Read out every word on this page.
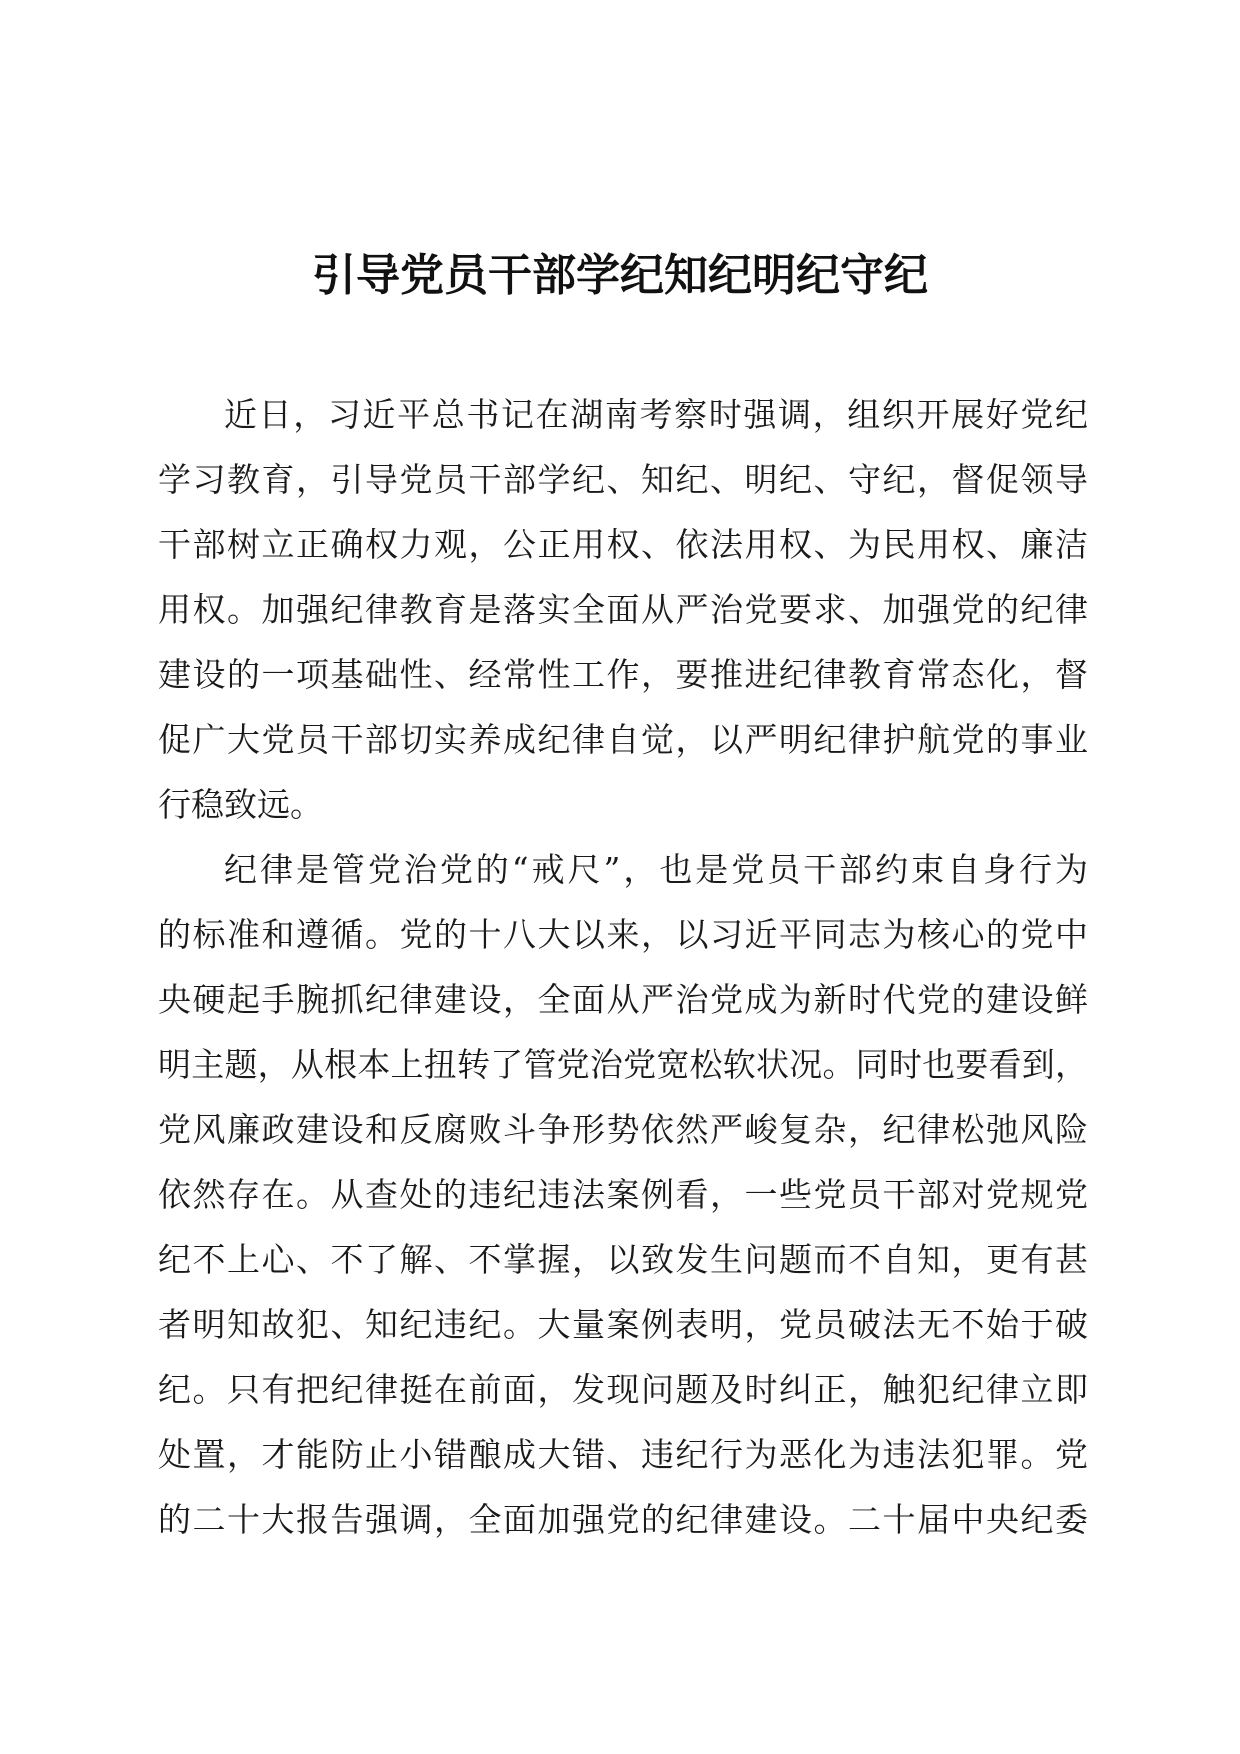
引导党员干部学纪知纪明纪守纪
近日，习近平总书记在湖南考察时强调，组织开展好党纪
学习教育，引导党员干部学纪、知纪、明纪、守纪，督促领导
干部树立正确权力观，公正用权、依法用权、为民用权、廉洁
用权。加强纪律教育是落实全面从严治党要求、加强党的纪律
建设的一项基础性、经常性工作，要推进纪律教育常态化，督
促广大党员干部切实养成纪律自觉，以严明纪律护航党的事业
行稳致远。
纪律是管党治党的“戒尺”，也是党员干部约束自身行为
的标准和遵循。党的十八大以来，以习近平同志为核心的党中
央硬起手腕抓纪律建设，全面从严治党成为新时代党的建设鲜
明主题，从根本上扭转了管党治党宽松软状况。同时也要看到，
党风廉政建设和反腐败斗争形势依然严峻复杂，纪律松弛风险
依然存在。从查处的违纪违法案例看，一些党员干部对党规党
纪不上心、不了解、不掌握，以致发生问题而不自知，更有甚
者明知故犯、知纪违纪。大量案例表明，党员破法无不始于破
纪。只有把纪律挺在前面，发现问题及时纠正，触犯纪律立即
处置，才能防止小错酿成大错、违纪行为恶化为违法犯罪。党
的二十大报告强调，全面加强党的纪律建设。二十届中央纪委
